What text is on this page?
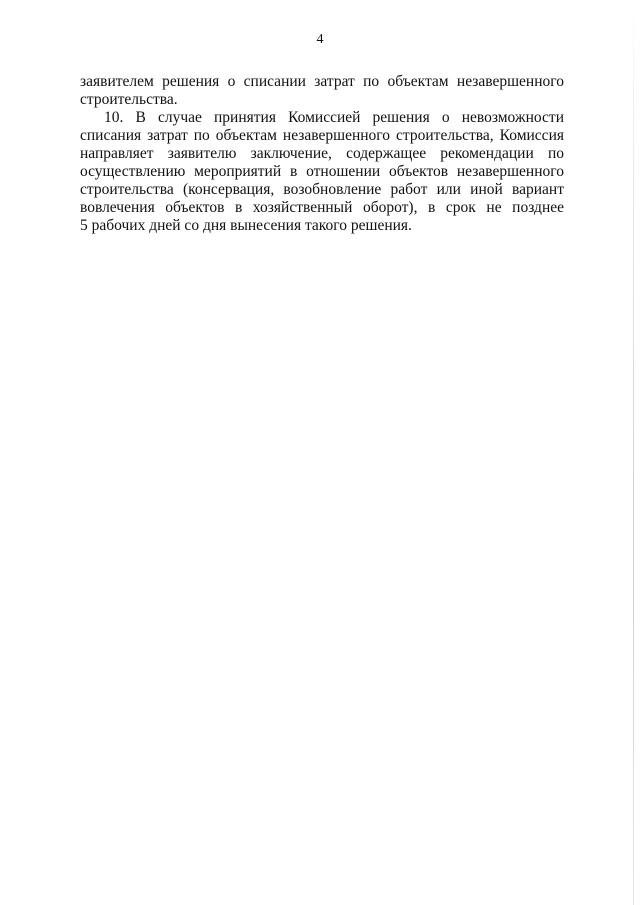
4
заявителем решения о списании затрат по объектам незавершенного
строительства.
10. В случае принятия Комиссией решения о невозможности
списания затрат по объектам незавершенного строительства, Комиссия
направляет заявителю заключение, содержащее рекомендации по
осуществлению мероприятий в отношении объектов незавершенного
строительства (консервация, возобновление работ или иной вариант
вовлечения объектов в хозяйственный оборот), в срок не позднее
5 рабочих дней со дня вынесения такого решения.
